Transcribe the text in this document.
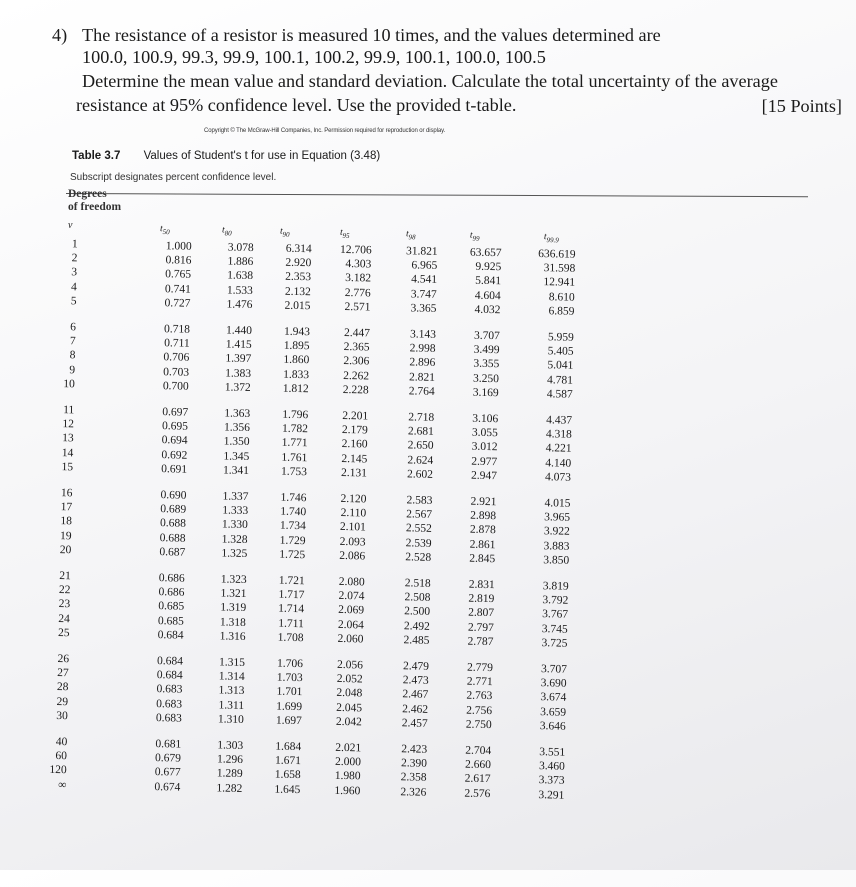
4) The resistance of a resistor is measured 10 times, and the values determined are
100.0, 100.9, 99.3, 99.9, 100.1, 100.2, 99.9, 100.1, 100.0, 100.5
Determine the mean value and standard deviation. Calculate the total uncertainty of the average
resistance at 95% confidence level. Use the provided t-table.	[15 Points]
Copyright © The McGraw-Hill Companies, Inc. Permission required for reproduction or display.
Table 3.7 Values of Student's t for use in Equation (3.48)
Subscript designates percent confidence level.
Degrees
of freedom
ν	$t_{50}$	$t_{80}$	$t_{90}$	$t_{95}$	$t_{98}$	$t_{99}$	$t_{99.9}$
1	1.000	3.078	6.314	12.706	31.821	63.657	636.619
2	0.816	1.886	2.920	4.303	6.965	9.925	31.598
3	0.765	1.638	2.353	3.182	4.541	5.841	12.941
4	0.741	1.533	2.132	2.776	3.747	4.604	8.610
5	0.727	1.476	2.015	2.571	3.365	4.032	6.859
6	0.718	1.440	1.943	2.447	3.143	3.707	5.959
7	0.711	1.415	1.895	2.365	2.998	3.499	5.405
8	0.706	1.397	1.860	2.306	2.896	3.355	5.041
9	0.703	1.383	1.833	2.262	2.821	3.250	4.781
10	0.700	1.372	1.812	2.228	2.764	3.169	4.587
11	0.697	1.363	1.796	2.201	2.718	3.106	4.437
12	0.695	1.356	1.782	2.179	2.681	3.055	4.318
13	0.694	1.350	1.771	2.160	2.650	3.012	4.221
14	0.692	1.345	1.761	2.145	2.624	2.977	4.140
15	0.691	1.341	1.753	2.131	2.602	2.947	4.073
16	0.690	1.337	1.746	2.120	2.583	2.921	4.015
17	0.689	1.333	1.740	2.110	2.567	2.898	3.965
18	0.688	1.330	1.734	2.101	2.552	2.878	3.922
19	0.688	1.328	1.729	2.093	2.539	2.861	3.883
20	0.687	1.325	1.725	2.086	2.528	2.845	3.850
21	0.686	1.323	1.721	2.080	2.518	2.831	3.819
22	0.686	1.321	1.717	2.074	2.508	2.819	3.792
23	0.685	1.319	1.714	2.069	2.500	2.807	3.767
24	0.685	1.318	1.711	2.064	2.492	2.797	3.745
25	0.684	1.316	1.708	2.060	2.485	2.787	3.725
26	0.684	1.315	1.706	2.056	2.479	2.779	3.707
27	0.684	1.314	1.703	2.052	2.473	2.771	3.690
28	0.683	1.313	1.701	2.048	2.467	2.763	3.674
29	0.683	1.311	1.699	2.045	2.462	2.756	3.659
30	0.683	1.310	1.697	2.042	2.457	2.750	3.646
40	0.681	1.303	1.684	2.021	2.423	2.704	3.551
60	0.679	1.296	1.671	2.000	2.390	2.660	3.460
120	0.677	1.289	1.658	1.980	2.358	2.617	3.373
∞	0.674	1.282	1.645	1.960	2.326	2.576	3.291
